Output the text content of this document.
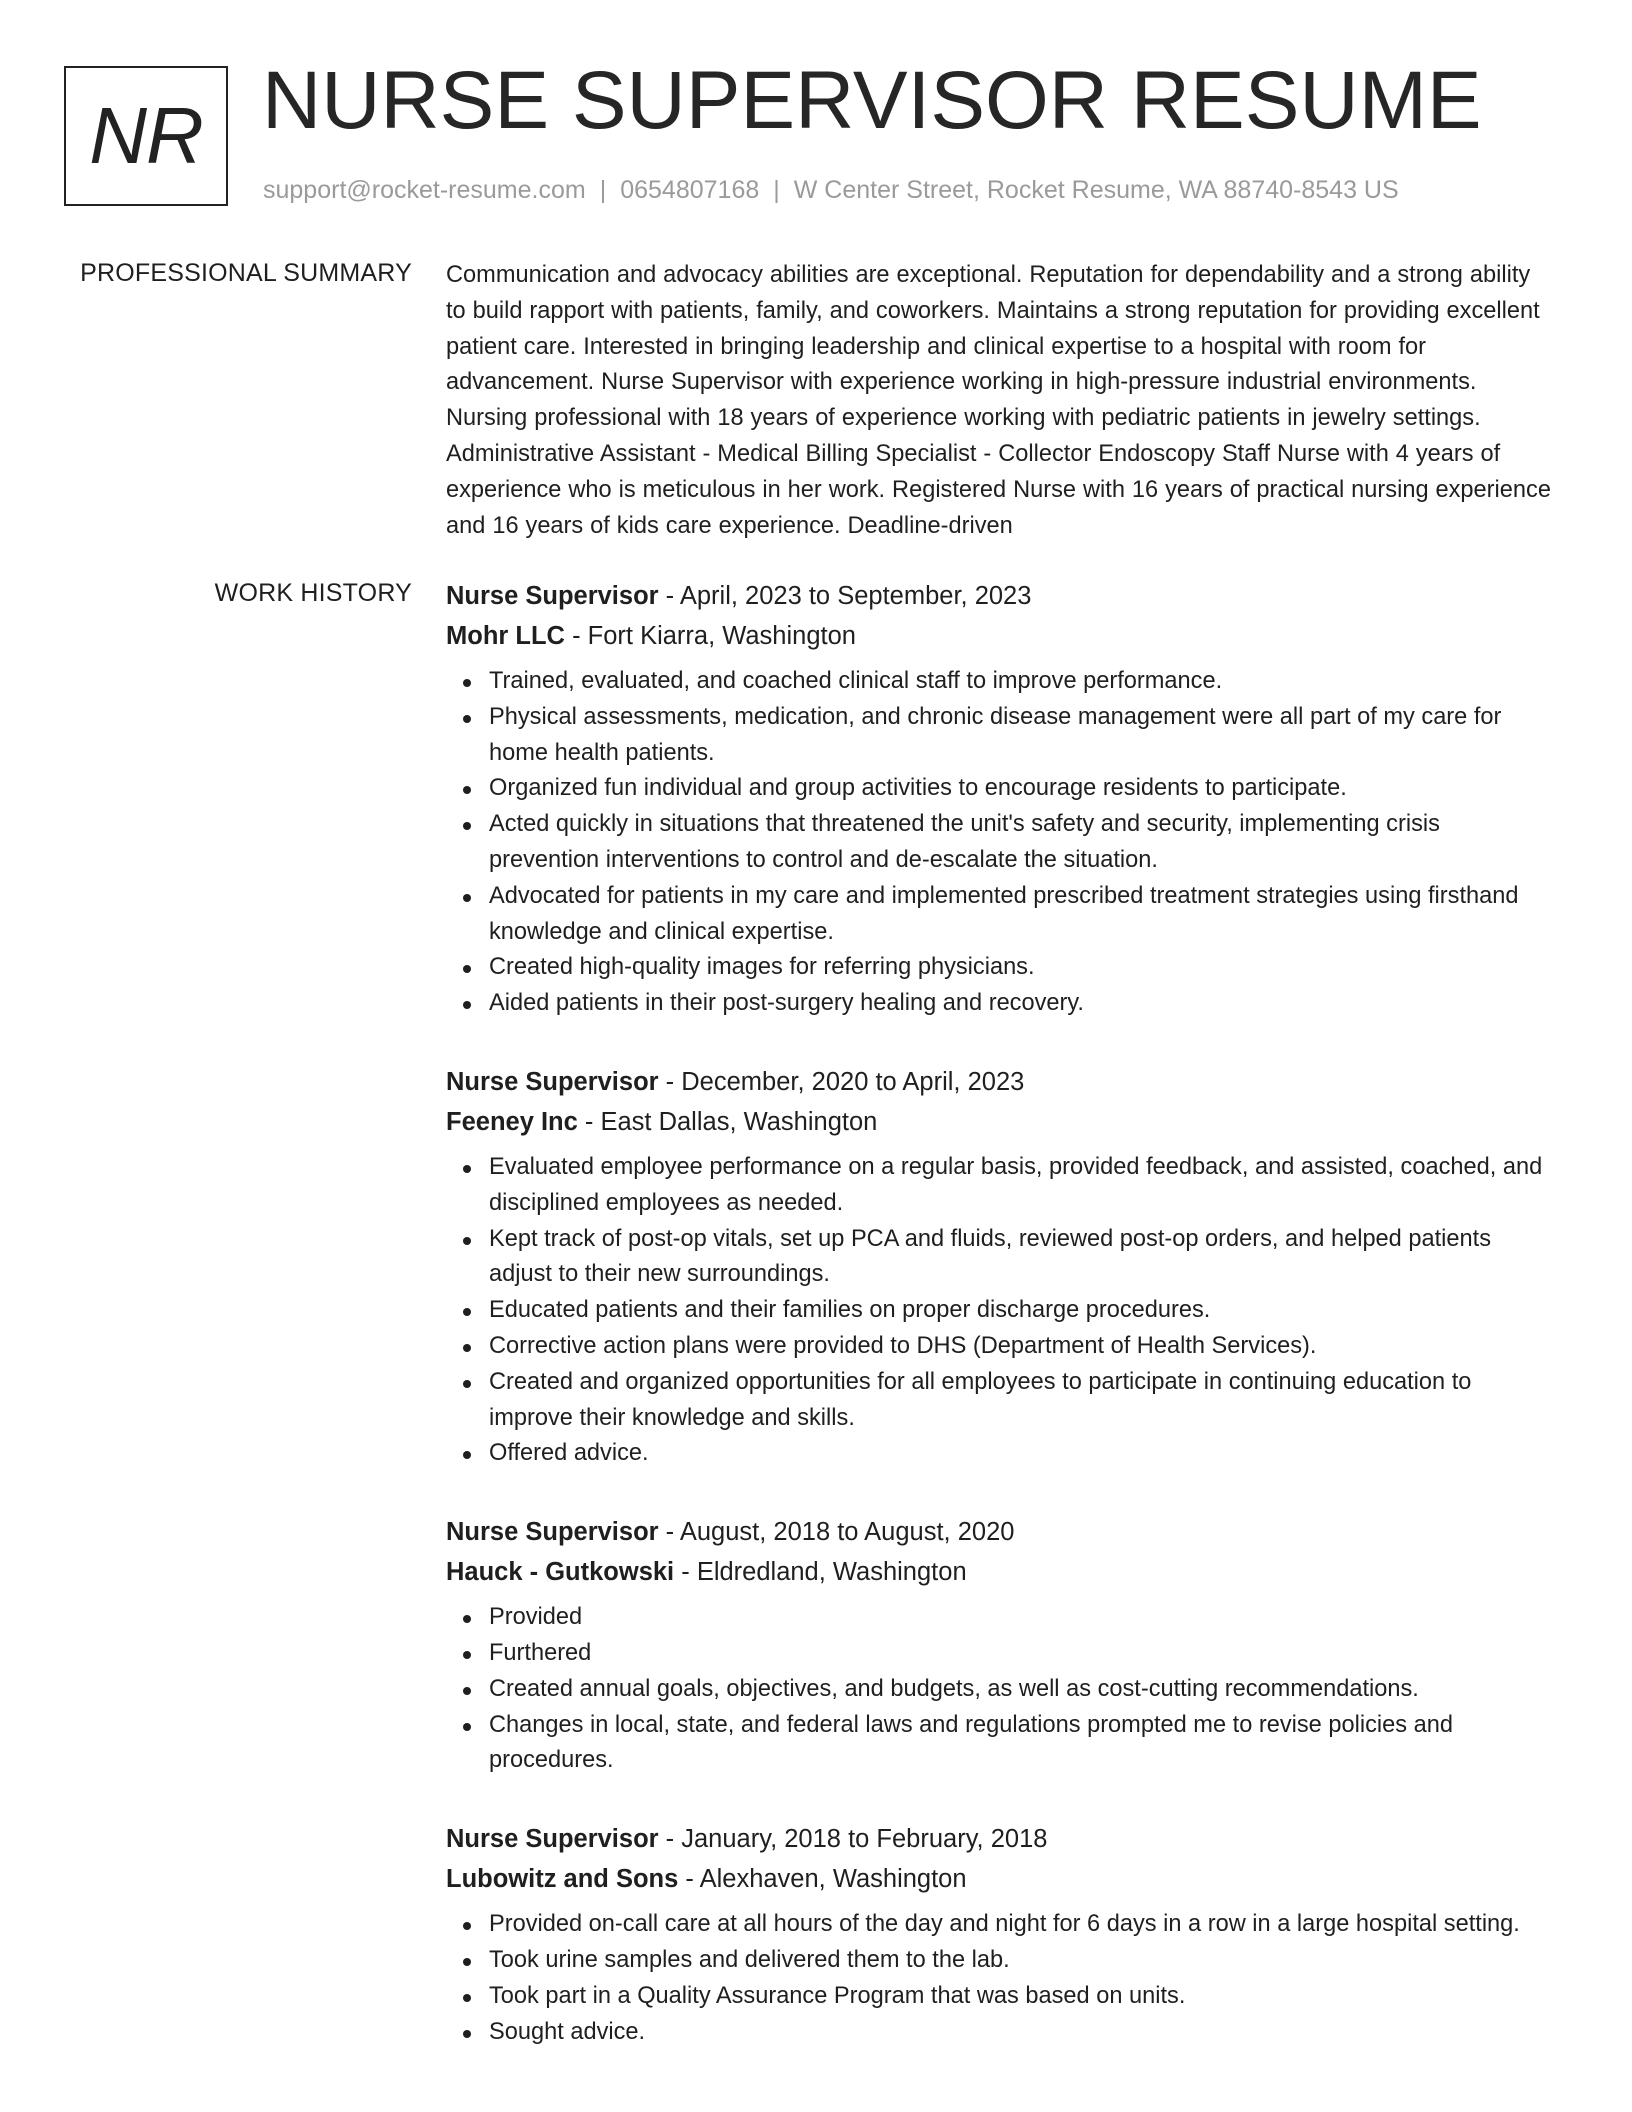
NR NURSE SUPERVISOR RESUME
support@rocket-resume.com | 0654807168 | W Center Street, Rocket Resume, WA 88740-8543 US
PROFESSIONAL SUMMARY Communication and advocacy abilities are exceptional. Reputation for dependability and a strong ability to build rapport with patients, family, and coworkers. Maintains a strong reputation for providing excellent patient care. Interested in bringing leadership and clinical expertise to a hospital with room for advancement. Nurse Supervisor with experience working in high-pressure industrial environments. Nursing professional with 18 years of experience working with pediatric patients in jewelry settings. Administrative Assistant - Medical Billing Specialist - Collector Endoscopy Staff Nurse with 4 years of experience who is meticulous in her work. Registered Nurse with 16 years of practical nursing experience and 16 years of kids care experience. Deadline-driven

WORK HISTORY Nurse Supervisor - April, 2023 to September, 2023
Mohr LLC - Fort Kiarra, Washington
Trained, evaluated, and coached clinical staff to improve performance.
Physical assessments, medication, and chronic disease management were all part of my care for home health patients.
Organized fun individual and group activities to encourage residents to participate.
Acted quickly in situations that threatened the unit's safety and security, implementing crisis prevention interventions to control and de-escalate the situation.
Advocated for patients in my care and implemented prescribed treatment strategies using firsthand knowledge and clinical expertise.
Created high-quality images for referring physicians.
Aided patients in their post-surgery healing and recovery.
Nurse Supervisor - December, 2020 to April, 2023
Feeney Inc - East Dallas, Washington
Evaluated employee performance on a regular basis, provided feedback, and assisted, coached, and disciplined employees as needed.
Kept track of post-op vitals, set up PCA and fluids, reviewed post-op orders, and helped patients adjust to their new surroundings.
Educated patients and their families on proper discharge procedures.
Corrective action plans were provided to DHS (Department of Health Services).
Created and organized opportunities for all employees to participate in continuing education to improve their knowledge and skills.
Offered advice.
Nurse Supervisor - August, 2018 to August, 2020
Hauck - Gutkowski - Eldredland, Washington
Provided
Furthered
Created annual goals, objectives, and budgets, as well as cost-cutting recommendations.
Changes in local, state, and federal laws and regulations prompted me to revise policies and procedures.
Nurse Supervisor - January, 2018 to February, 2018
Lubowitz and Sons - Alexhaven, Washington
Provided on-call care at all hours of the day and night for 6 days in a row in a large hospital setting.
Took urine samples and delivered them to the lab.
Took part in a Quality Assurance Program that was based on units.
Sought advice.
